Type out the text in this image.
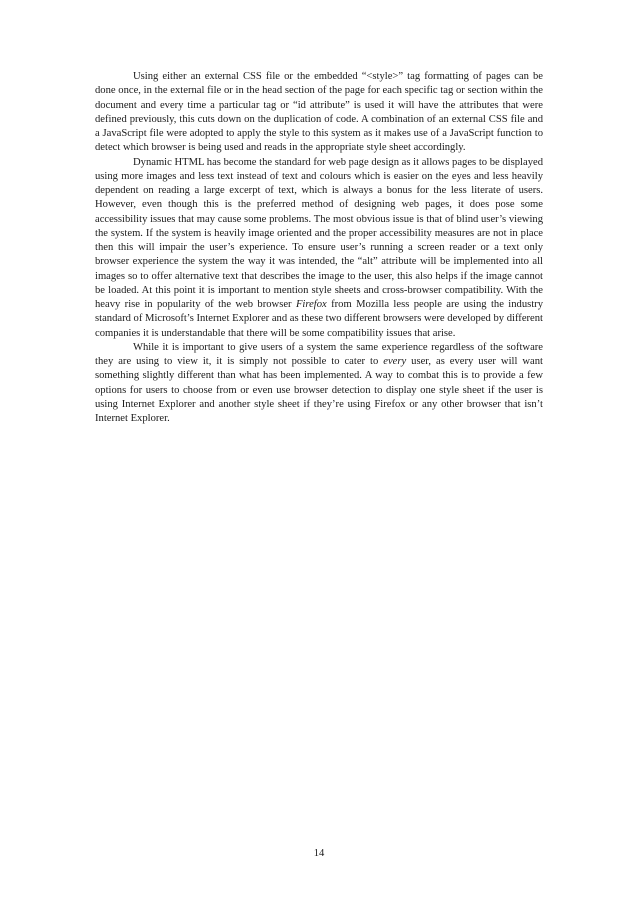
Using either an external CSS file or the embedded “<style>” tag formatting of pages can be done once, in the external file or in the head section of the page for each specific tag or section within the document and every time a particular tag or “id attribute” is used it will have the attributes that were defined previously, this cuts down on the duplication of code. A combination of an external CSS file and a JavaScript file were adopted to apply the style to this system as it makes use of a JavaScript function to detect which browser is being used and reads in the appropriate style sheet accordingly.

Dynamic HTML has become the standard for web page design as it allows pages to be displayed using more images and less text instead of text and colours which is easier on the eyes and less heavily dependent on reading a large excerpt of text, which is always a bonus for the less literate of users. However, even though this is the preferred method of designing web pages, it does pose some accessibility issues that may cause some problems. The most obvious issue is that of blind user’s viewing the system. If the system is heavily image oriented and the proper accessibility measures are not in place then this will impair the user’s experience. To ensure user’s running a screen reader or a text only browser experience the system the way it was intended, the “alt” attribute will be implemented into all images so to offer alternative text that describes the image to the user, this also helps if the image cannot be loaded. At this point it is important to mention style sheets and cross-browser compatibility. With the heavy rise in popularity of the web browser Firefox from Mozilla less people are using the industry standard of Microsoft’s Internet Explorer and as these two different browsers were developed by different companies it is understandable that there will be some compatibility issues that arise.

While it is important to give users of a system the same experience regardless of the software they are using to view it, it is simply not possible to cater to every user, as every user will want something slightly different than what has been implemented. A way to combat this is to provide a few options for users to choose from or even use browser detection to display one style sheet if the user is using Internet Explorer and another style sheet if they’re using Firefox or any other browser that isn’t Internet Explorer.

14
